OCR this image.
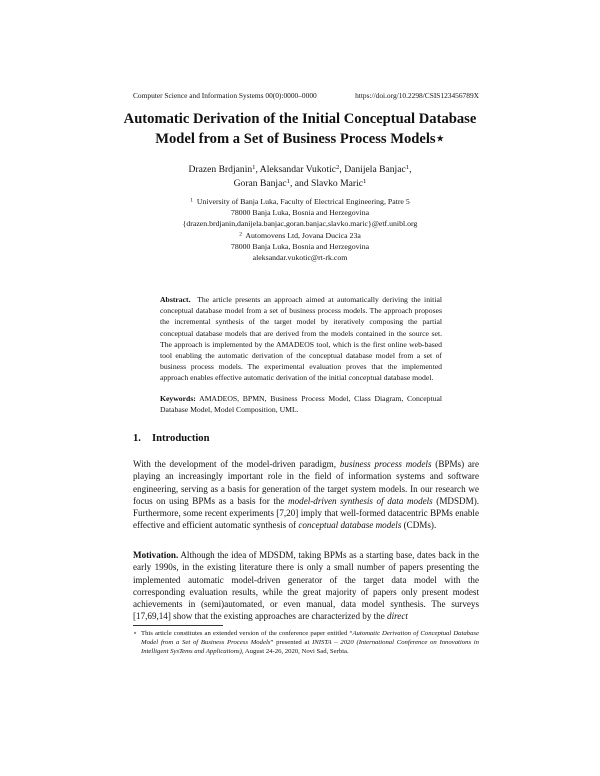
Computer Science and Information Systems 00(0):0000–0000	https://doi.org/10.2298/CSIS123456789X
Automatic Derivation of the Initial Conceptual Database
Model from a Set of Business Process Models⋆
Drazen Brdjanin$^1$, Aleksandar Vukotic$^2$, Danijela Banjac$^1$,
Goran Banjac$^1$, and Slavko Maric$^1$
$^1$ University of Banja Luka, Faculty of Electrical Engineering, Patre 5
78000 Banja Luka, Bosnia and Herzegovina
{drazen.brdjanin,danijela.banjac,goran.banjac,slavko.maric}@etf.unibl.org
$^2$ Automovens Ltd, Jovana Ducica 23a
78000 Banja Luka, Bosnia and Herzegovina
aleksandar.vukotic@rt-rk.com

Abstract. The article presents an approach aimed at automatically deriving the initial conceptual database model from a set of business process models. The approach proposes the incremental synthesis of the target model by iteratively composing the partial conceptual database models that are derived from the models contained in the source set. The approach is implemented by the AMADEOS tool, which is the first online web-based tool enabling the automatic derivation of the conceptual database model from a set of business process models. The experimental evaluation proves that the implemented approach enables effective automatic derivation of the initial conceptual database model.

Keywords: AMADEOS, BPMN, Business Process Model, Class Diagram, Conceptual Database Model, Model Composition, UML.

1. Introduction

With the development of the model-driven paradigm, business process models (BPMs) are playing an increasingly important role in the field of information systems and software engineering, serving as a basis for generation of the target system models. In our research we focus on using BPMs as a basis for the model-driven synthesis of data models (MDSDM). Furthermore, some recent experiments [7,20] imply that well-formed datacentric BPMs enable effective and efficient automatic synthesis of conceptual database models (CDMs).

Motivation. Although the idea of MDSDM, taking BPMs as a starting base, dates back in the early 1990s, in the existing literature there is only a small number of papers presenting the implemented automatic model-driven generator of the target data model with the corresponding evaluation results, while the great majority of papers only present modest achievements in (semi)automated, or even manual, data model synthesis. The surveys [17,69,14] show that the existing approaches are characterized by the direct

⋆ This article constitutes an extended version of the conference paper entitled “Automatic Derivation of Conceptual Database Model from a Set of Business Process Models” presented at INISTA – 2020 (International Conference on Innovations in Intelligent SysTems and Applications), August 24-26, 2020, Novi Sad, Serbia.
